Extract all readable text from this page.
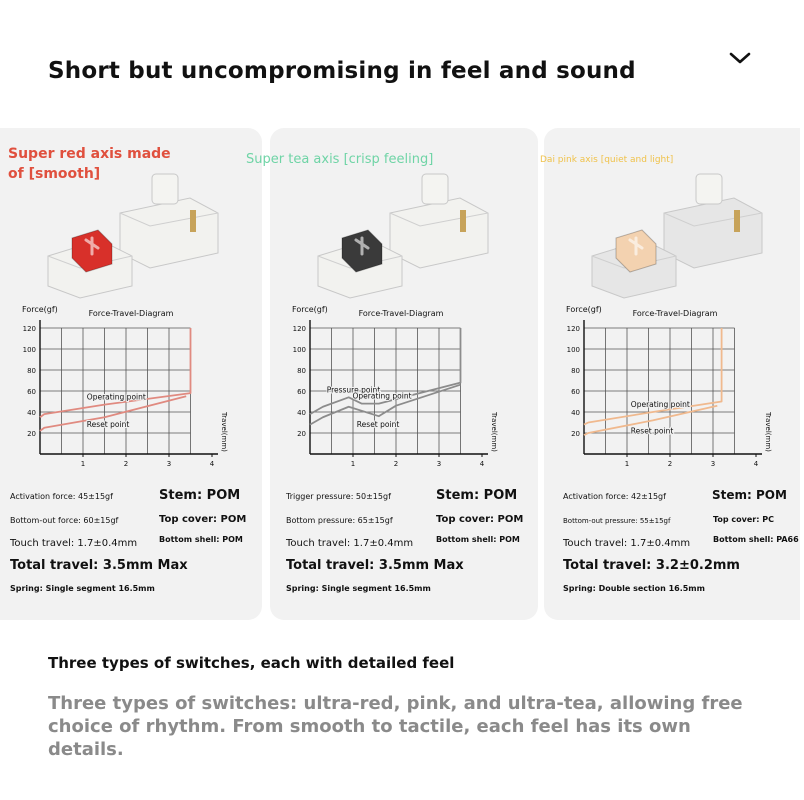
Short but uncompromising in feel and sound
Super red axis made of [smooth]
20
40
60
80
100
120
1	2	3	4
Force-Travel-Diagram
Force(gf)
Travel(mm)
Operating point
Reset point
Activation force: 45±15gf
Bottom-out force: 60±15gf
Touch travel: 1.7±0.4mm
Total travel: 3.5mm Max
Spring: Single segment 16.5mm
Stem: POM
Top cover: POM
Bottom shell: POM
Super tea axis [crisp feeling]
20
40
60
80
100
120
1	2	3	4
Force-Travel-Diagram
Force(gf)
Travel(mm)
Pressure point
Operating point
Reset point
Trigger pressure: 50±15gf
Bottom pressure: 65±15gf
Touch travel: 1.7±0.4mm
Total travel: 3.5mm Max
Spring: Single segment 16.5mm
Stem: POM
Top cover: POM
Bottom shell: POM
Dai pink axis [quiet and light]
20
40
60
80
100
120
1	2	3	4
Force-Travel-Diagram
Force(gf)
Travel(mm)
Operating point
Reset point
Activation force: 42±15gf
Bottom-out pressure: 55±15gf
Touch travel: 1.7±0.4mm
Total travel: 3.2±0.2mm
Spring: Double section 16.5mm
Stem: POM
Top cover: PC
Bottom shell: PA66
Three types of switches, each with detailed feel
Three types of switches: ultra-red, pink, and ultra-tea, allowing free choice of rhythm. From smooth to tactile, each feel has its own details.
